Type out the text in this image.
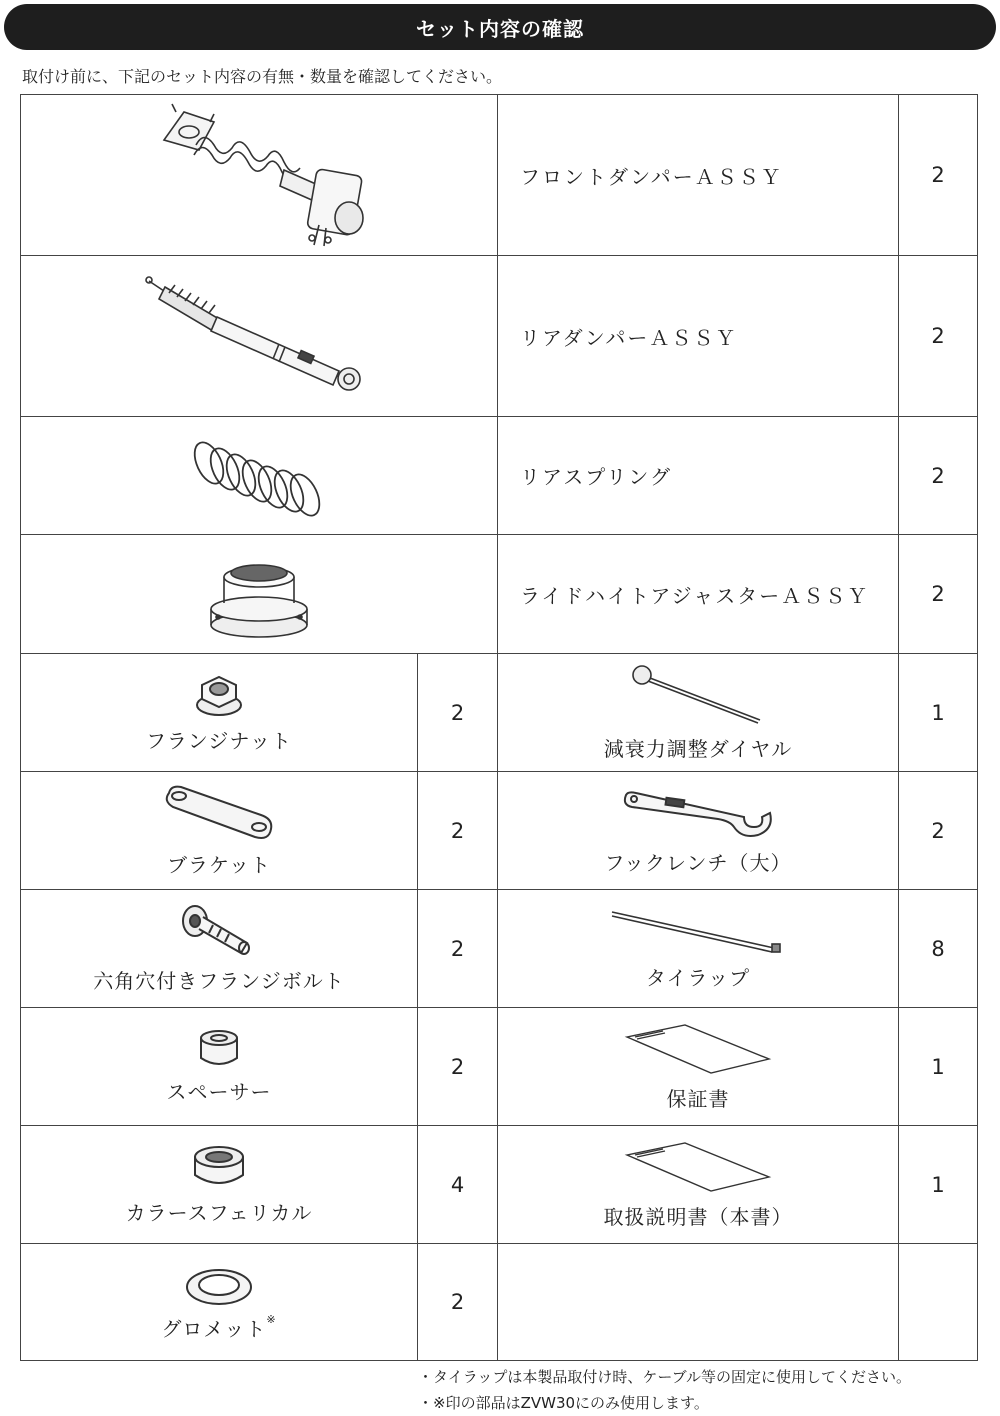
セット内容の確認
取付け前に、下記のセット内容の有無・数量を確認してください。
	フロントダンパーＡＳＳＹ	2

	リアダンパーＡＳＳＹ	2

	リアスプリング	2

	ライドハイトアジャスターＡＳＳＹ	2

フランジナット	2	減衰力調整ダイヤル	1

ブラケット	2	フックレンチ（大）	2

六角穴付きフランジボルト	2	タイラップ	8

スペーサー	2	保証書	1

カラースフェリカル	4	取扱説明書（本書）	1

グロメット※	2		
・タイラップは本製品取付け時、ケーブル等の固定に使用してください。
・※印の部品はZVW30にのみ使用します。
